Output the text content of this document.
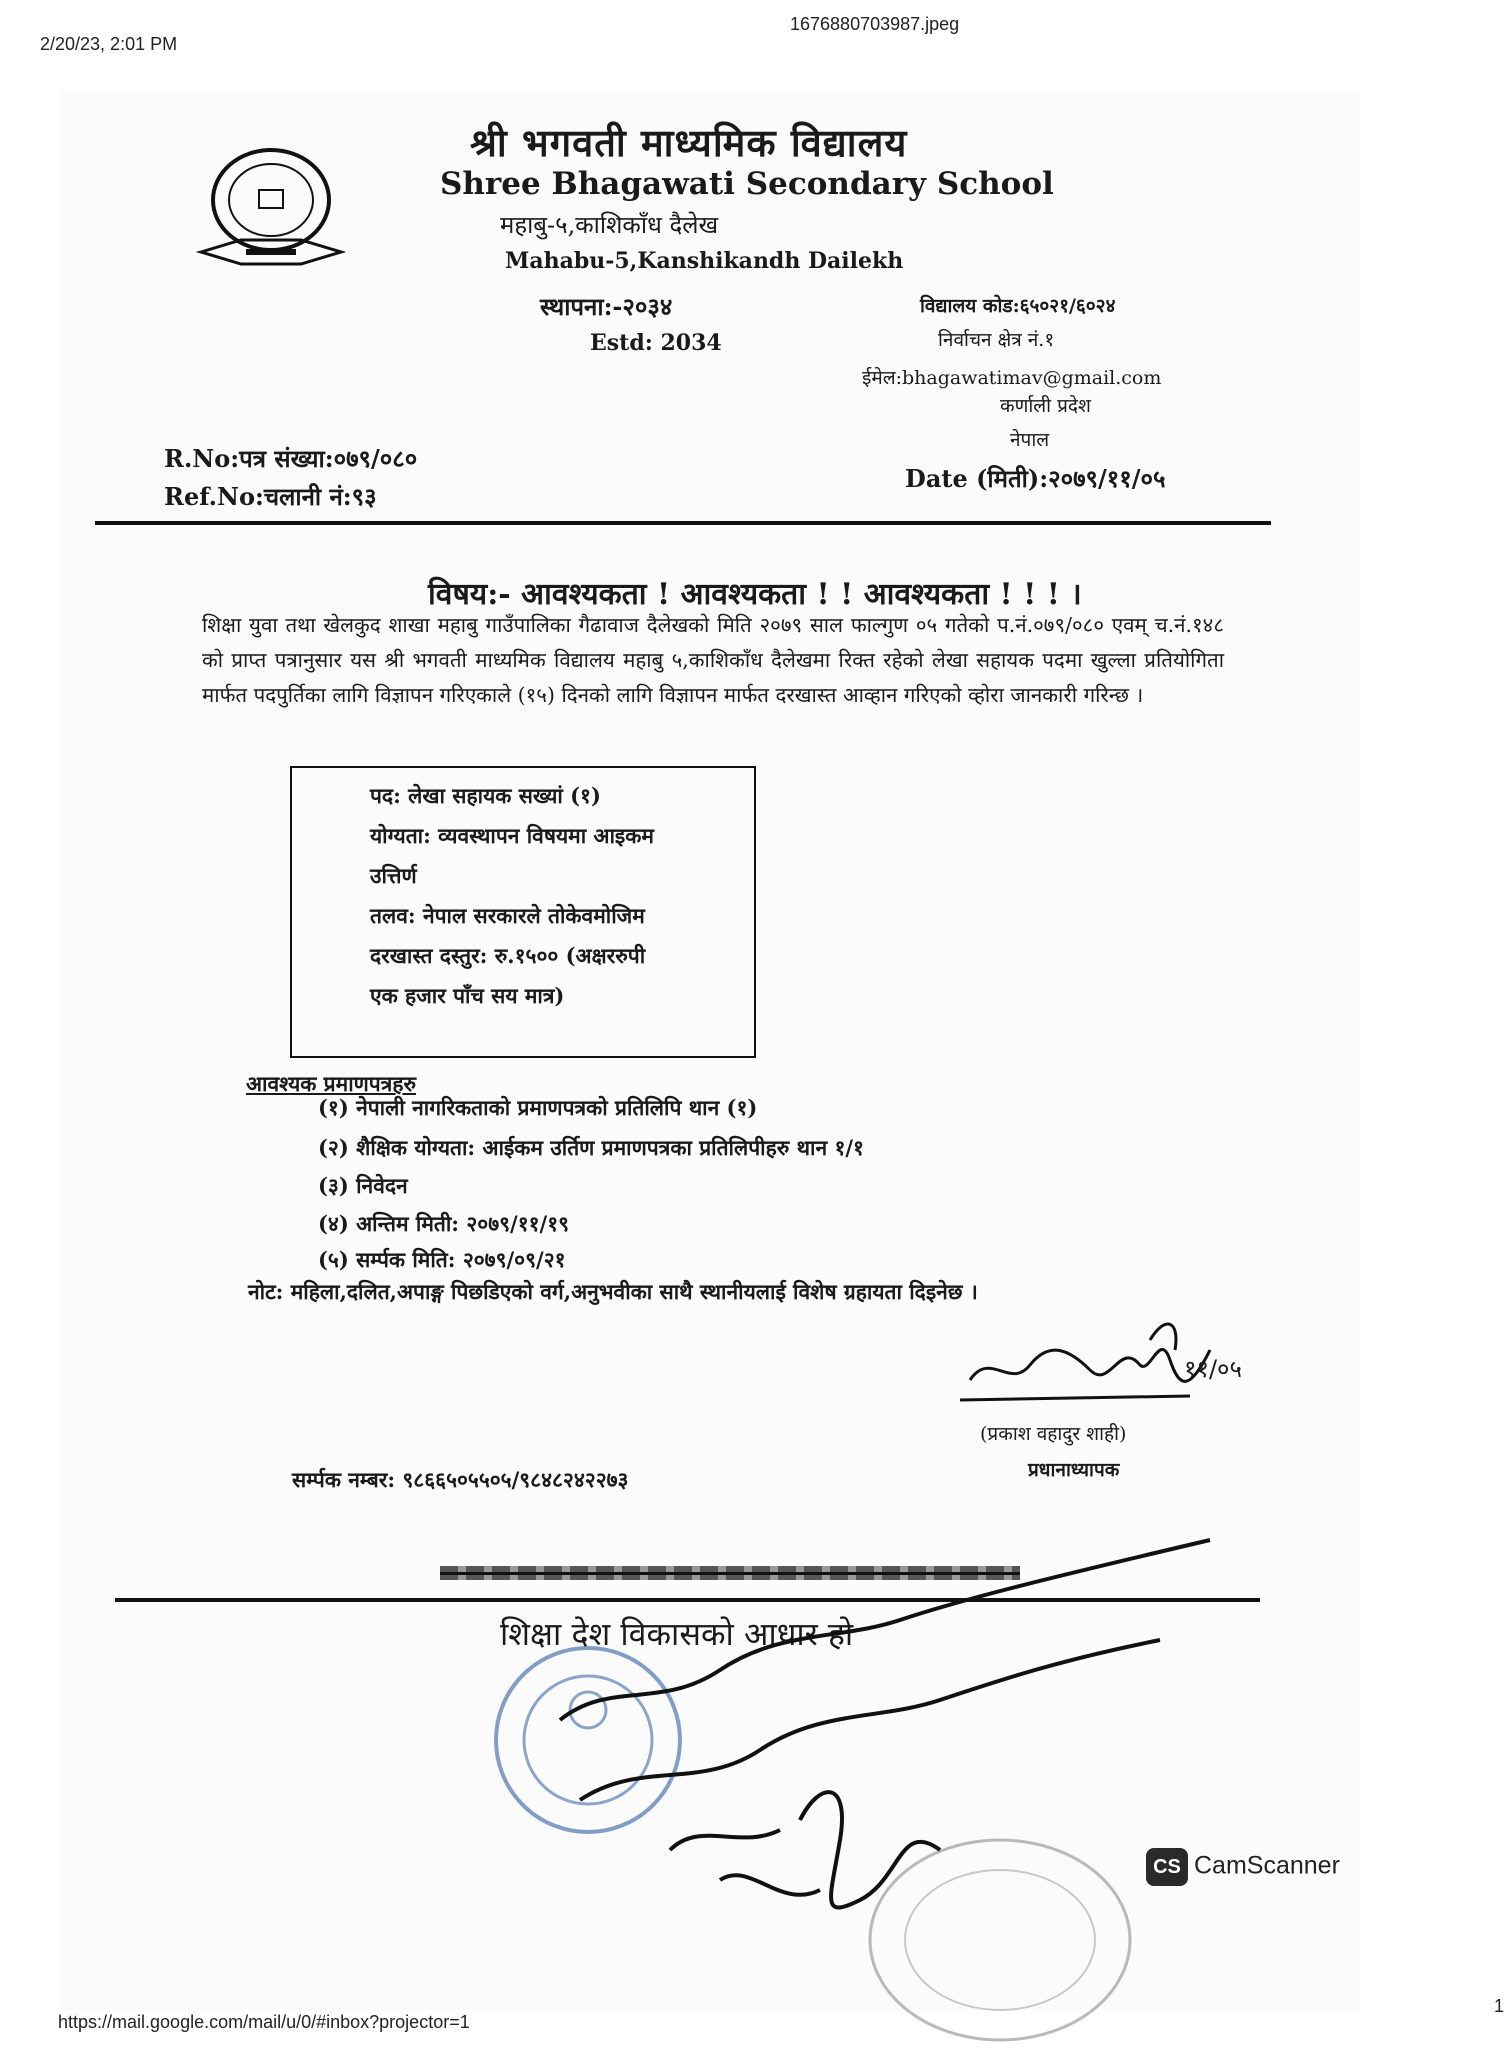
2/20/23, 2:01 PM
1676880703987.jpeg
श्री भगवती माध्यमिक विद्यालय
Shree Bhagawati Secondary School
महाबु-५,काशिकाँध दैलेख
Mahabu-5,Kanshikandh Dailekh
स्थापना:-२०३४
Estd: 2034
विद्यालय कोड:६५०२१/६०२४
निर्वाचन क्षेत्र नं.१
ईमेल:bhagawatimav@gmail.com
कर्णाली प्रदेश
नेपाल
R.No:पत्र संख्या:०७९/०८०
Ref.No:चलानी नं:९३
Date (मिती):२०७९/११/०५
विषय:- आवश्यकता ! आवश्यकता ! ! आवश्यकता ! ! ! ।
शिक्षा युवा तथा खेलकुद शाखा महाबु गाउँपालिका गैढावाज दैलेखको मिति २०७९ साल फाल्गुण ०५ गतेको प.नं.०७९/०८० एवम् च.नं.१४८ को प्राप्त पत्रानुसार यस श्री भगवती माध्यमिक विद्यालय महाबु ५,काशिकाँध दैलेखमा रिक्त रहेको लेखा सहायक पदमा खुल्ला प्रतियोगिता मार्फत पदपुर्तिका लागि विज्ञापन गरिएकाले (१५) दिनको लागि विज्ञापन मार्फत दरखास्त आव्हान गरिएको व्होरा जानकारी गरिन्छ ।
पद: लेखा सहायक सख्यां (१)
योग्यता: व्यवस्थापन विषयमा आइकम
उत्तिर्ण
तलव: नेपाल सरकारले तोकेवमोजिम
दरखास्त दस्तुर: रु.१५०० (अक्षररुपी
एक हजार पाँच सय मात्र)
आवश्यक प्रमाणपत्रहरु
(१) नेपाली नागरिकताको प्रमाणपत्रको प्रतिलिपि थान (१)
(२) शैक्षिक योग्यता: आईकम उर्तिण प्रमाणपत्रका प्रतिलिपीहरु थान १/१
(३) निवेदन
(४) अन्तिम मिती: २०७९/११/१९
(५) सर्म्पक मिति: २०७९/०९/२१
नोट: महिला,दलित,अपाङ्ग पिछडिएको वर्ग,अनुभवीका साथै स्थानीयलाई विशेष ग्रहायता दिइनेछ ।
११/०५
(प्रकाश वहादुर शाही)
प्रधानाध्यापक
सर्म्पक नम्बर: ९८६६५०५५०५/९८४८२४२२७३
शिक्षा देश विकासको आधार हो
CS CamScanner
https://mail.google.com/mail/u/0/#inbox?projector=1
1
